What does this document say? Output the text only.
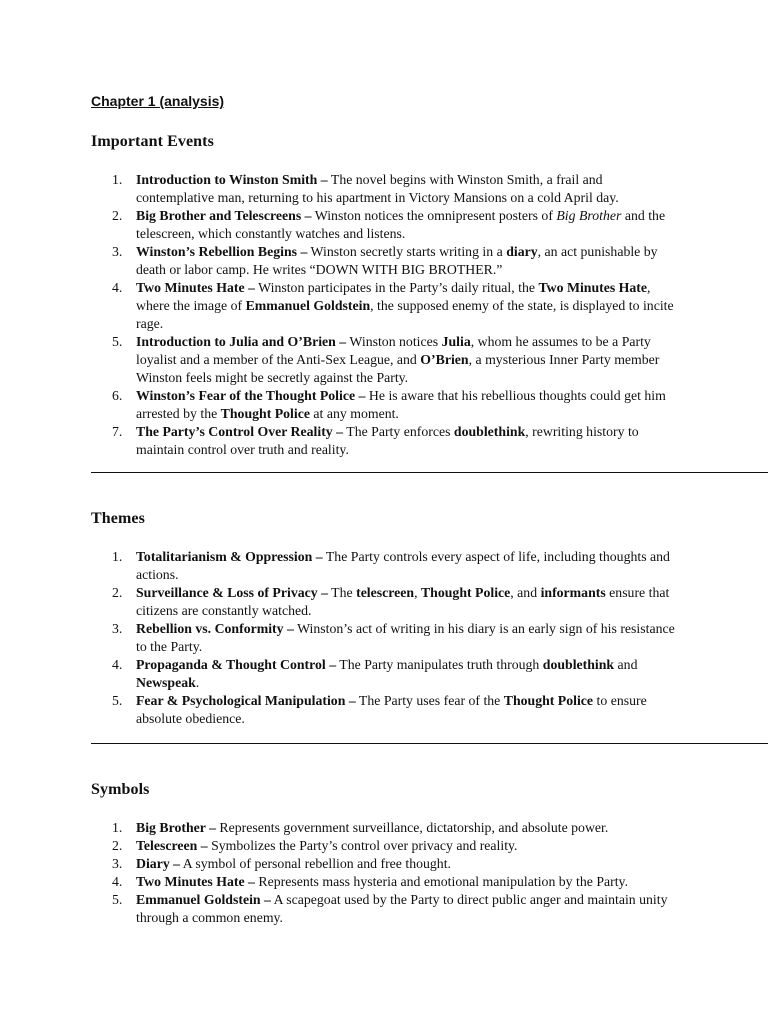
Chapter 1 (analysis)
Important Events
1. Introduction to Winston Smith – The novel begins with Winston Smith, a frail and contemplative man, returning to his apartment in Victory Mansions on a cold April day.
2. Big Brother and Telescreens – Winston notices the omnipresent posters of Big Brother and the telescreen, which constantly watches and listens.
3. Winston’s Rebellion Begins – Winston secretly starts writing in a diary, an act punishable by death or labor camp. He writes “DOWN WITH BIG BROTHER.”
4. Two Minutes Hate – Winston participates in the Party’s daily ritual, the Two Minutes Hate, where the image of Emmanuel Goldstein, the supposed enemy of the state, is displayed to incite rage.
5. Introduction to Julia and O’Brien – Winston notices Julia, whom he assumes to be a Party loyalist and a member of the Anti-Sex League, and O’Brien, a mysterious Inner Party member Winston feels might be secretly against the Party.
6. Winston’s Fear of the Thought Police – He is aware that his rebellious thoughts could get him arrested by the Thought Police at any moment.
7. The Party’s Control Over Reality – The Party enforces doublethink, rewriting history to maintain control over truth and reality.
Themes
1. Totalitarianism & Oppression – The Party controls every aspect of life, including thoughts and actions.
2. Surveillance & Loss of Privacy – The telescreen, Thought Police, and informants ensure that citizens are constantly watched.
3. Rebellion vs. Conformity – Winston’s act of writing in his diary is an early sign of his resistance to the Party.
4. Propaganda & Thought Control – The Party manipulates truth through doublethink and Newspeak.
5. Fear & Psychological Manipulation – The Party uses fear of the Thought Police to ensure absolute obedience.
Symbols
1. Big Brother – Represents government surveillance, dictatorship, and absolute power.
2. Telescreen – Symbolizes the Party’s control over privacy and reality.
3. Diary – A symbol of personal rebellion and free thought.
4. Two Minutes Hate – Represents mass hysteria and emotional manipulation by the Party.
5. Emmanuel Goldstein – A scapegoat used by the Party to direct public anger and maintain unity through a common enemy.
